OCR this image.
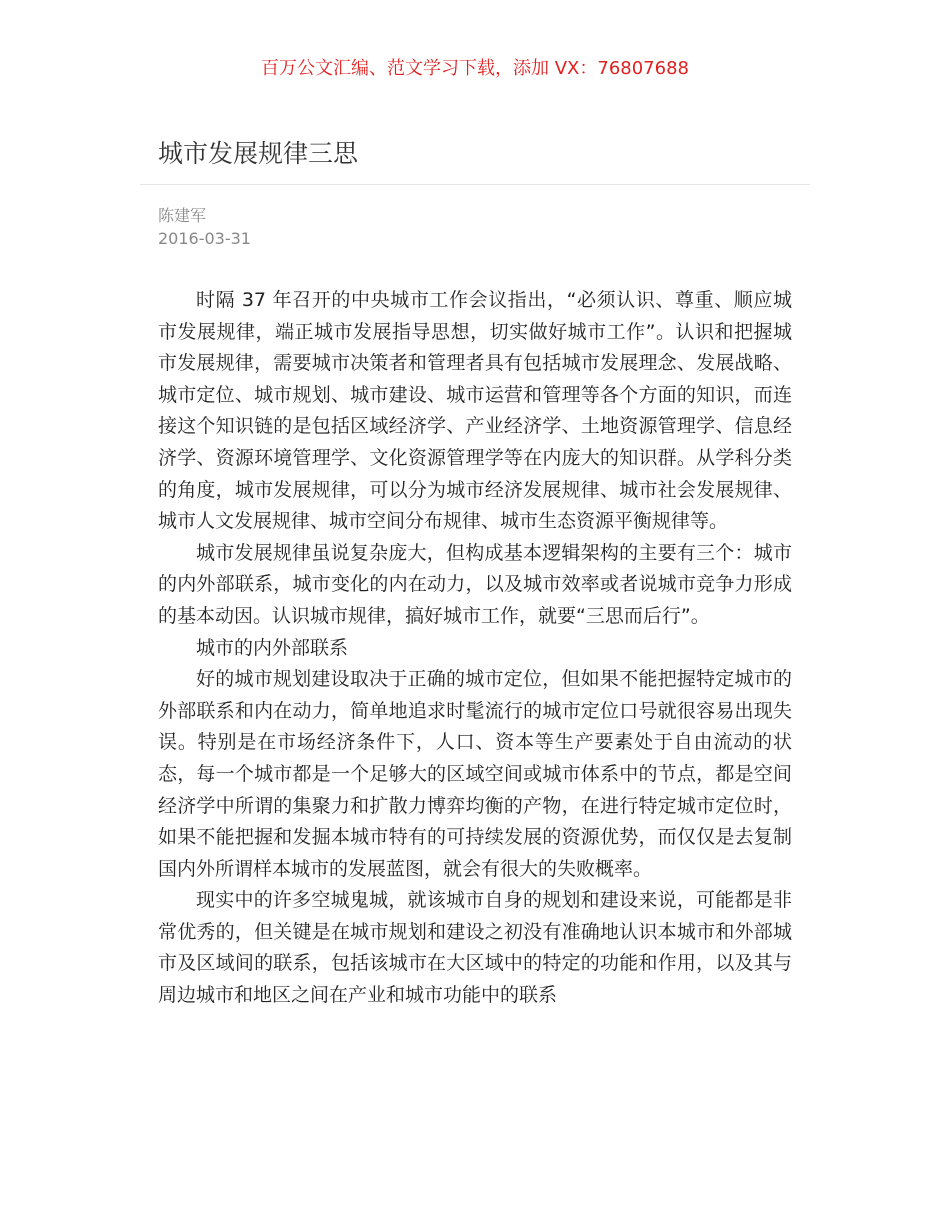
百万公文汇编、范文学习下载，添加 VX：76807688
城市发展规律三思
陈建军
2016-03-31

时隔 37 年召开的中央城市工作会议指出，“必须认识、尊重、顺应城市发展规律，端正城市发展指导思想，切实做好城市工作”。认识和把握城市发展规律，需要城市决策者和管理者具有包括城市发展理念、发展战略、城市定位、城市规划、城市建设、城市运营和管理等各个方面的知识，而连接这个知识链的是包括区域经济学、产业经济学、土地资源管理学、信息经济学、资源环境管理学、文化资源管理学等在内庞大的知识群。从学科分类的角度，城市发展规律，可以分为城市经济发展规律、城市社会发展规律、城市人文发展规律、城市空间分布规律、城市生态资源平衡规律等。

城市发展规律虽说复杂庞大，但构成基本逻辑架构的主要有三个：城市的内外部联系，城市变化的内在动力，以及城市效率或者说城市竞争力形成的基本动因。认识城市规律，搞好城市工作，就要“三思而后行”。

城市的内外部联系

好的城市规划建设取决于正确的城市定位，但如果不能把握特定城市的外部联系和内在动力，简单地追求时髦流行的城市定位口号就很容易出现失误。特别是在市场经济条件下，人口、资本等生产要素处于自由流动的状态，每一个城市都是一个足够大的区域空间或城市体系中的节点，都是空间经济学中所谓的集聚力和扩散力博弈均衡的产物，在进行特定城市定位时，如果不能把握和发掘本城市特有的可持续发展的资源优势，而仅仅是去复制国内外所谓样本城市的发展蓝图，就会有很大的失败概率。

现实中的许多空城鬼城，就该城市自身的规划和建设来说，可能都是非常优秀的，但关键是在城市规划和建设之初没有准确地认识本城市和外部城市及区域间的联系，包括该城市在大区域中的特定的功能和作用，以及其与周边城市和地区之间在产业和城市功能中的联系
